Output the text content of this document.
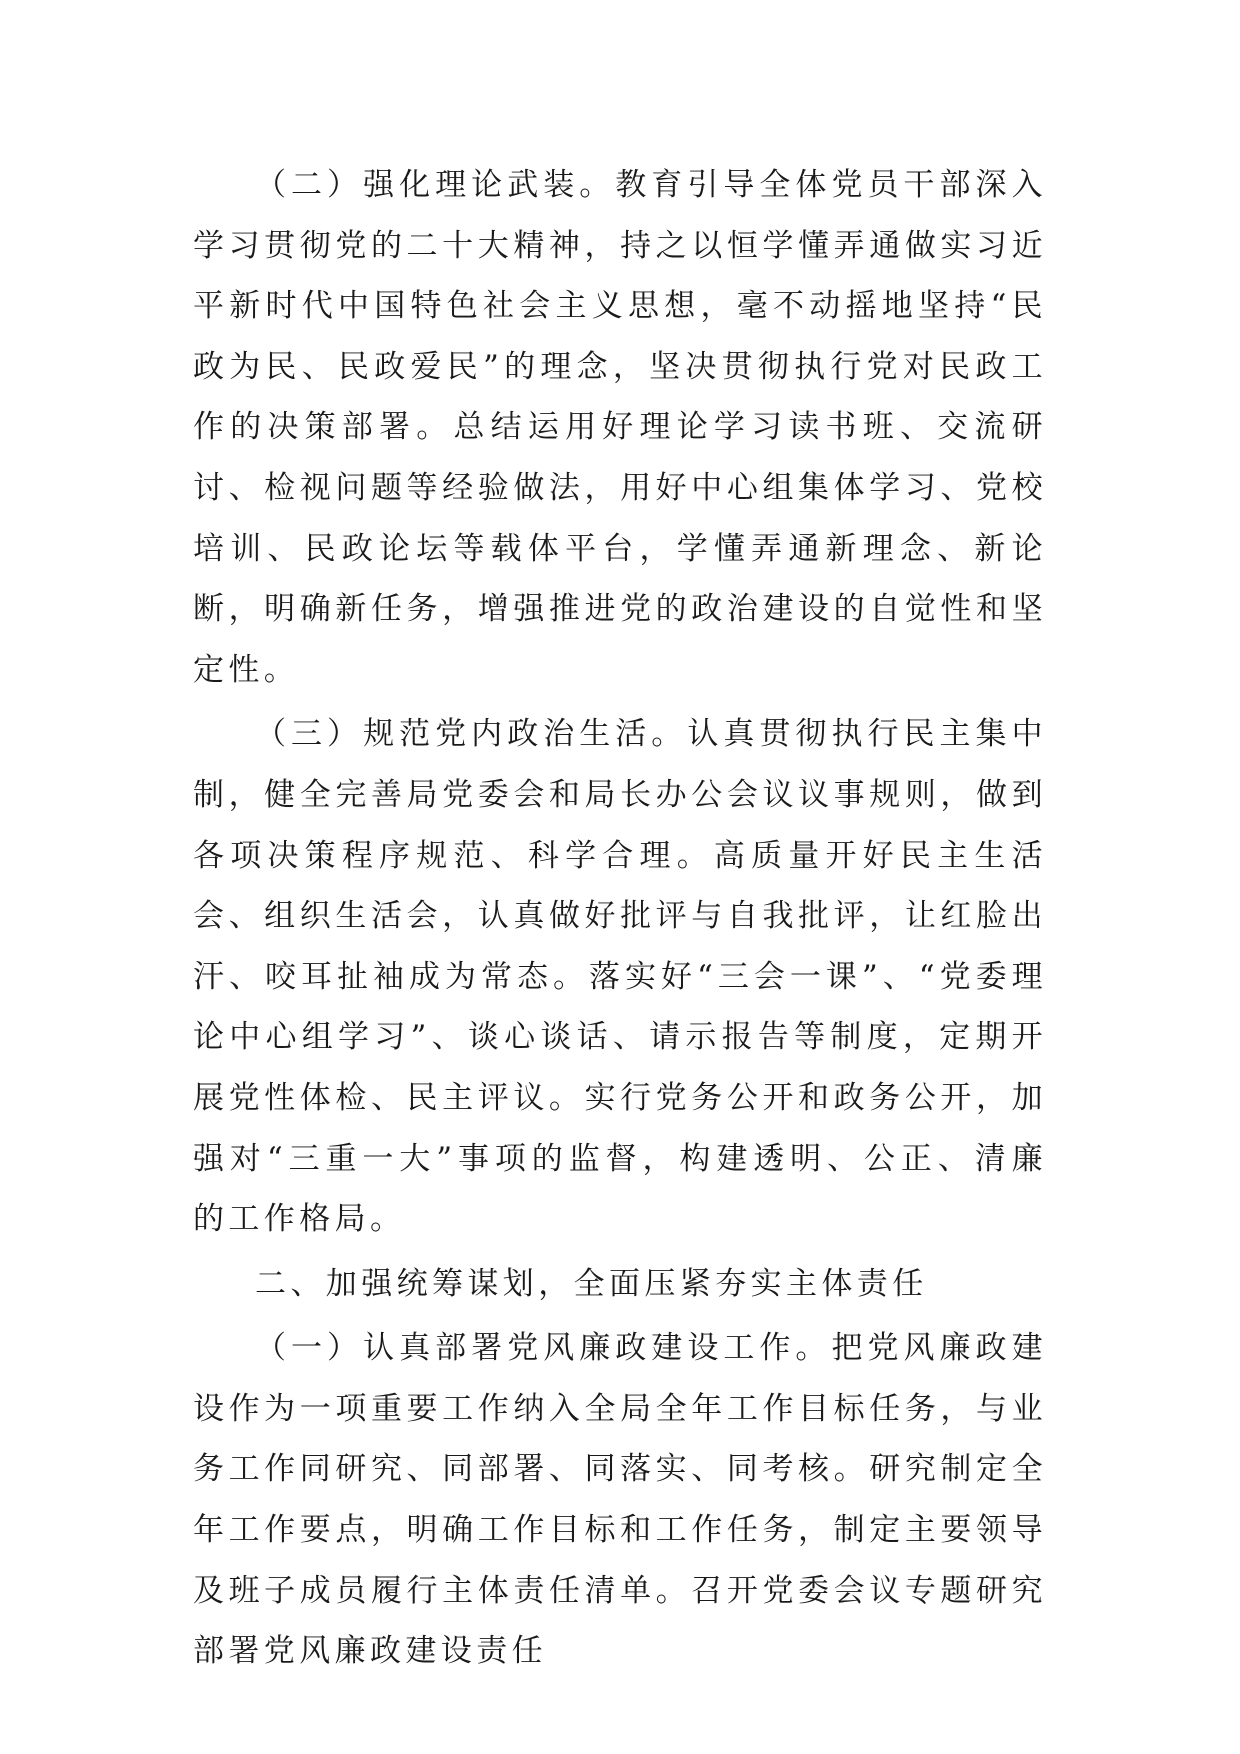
（二）强化理论武装。教育引导全体党员干部深入学习贯彻党的二十大精神，持之以恒学懂弄通做实习近平新时代中国特色社会主义思想，毫不动摇地坚持“民政为民、民政爱民”的理念，坚决贯彻执行党对民政工作的决策部署。总结运用好理论学习读书班、交流研讨、检视问题等经验做法，用好中心组集体学习、党校培训、民政论坛等载体平台，学懂弄通新理念、新论断，明确新任务，增强推进党的政治建设的自觉性和坚定性。

（三）规范党内政治生活。认真贯彻执行民主集中制，健全完善局党委会和局长办公会议议事规则，做到各项决策程序规范、科学合理。高质量开好民主生活会、组织生活会，认真做好批评与自我批评，让红脸出汗、咬耳扯袖成为常态。落实好“三会一课”、“党委理论中心组学习”、谈心谈话、请示报告等制度，定期开展党性体检、民主评议。实行党务公开和政务公开，加强对“三重一大”事项的监督，构建透明、公正、清廉的工作格局。

二、加强统筹谋划，全面压紧夯实主体责任

（一）认真部署党风廉政建设工作。把党风廉政建设作为一项重要工作纳入全局全年工作目标任务，与业务工作同研究、同部署、同落实、同考核。研究制定全年工作要点，明确工作目标和工作任务，制定主要领导及班子成员履行主体责任清单。召开党委会议专题研究部署党风廉政建设责任
